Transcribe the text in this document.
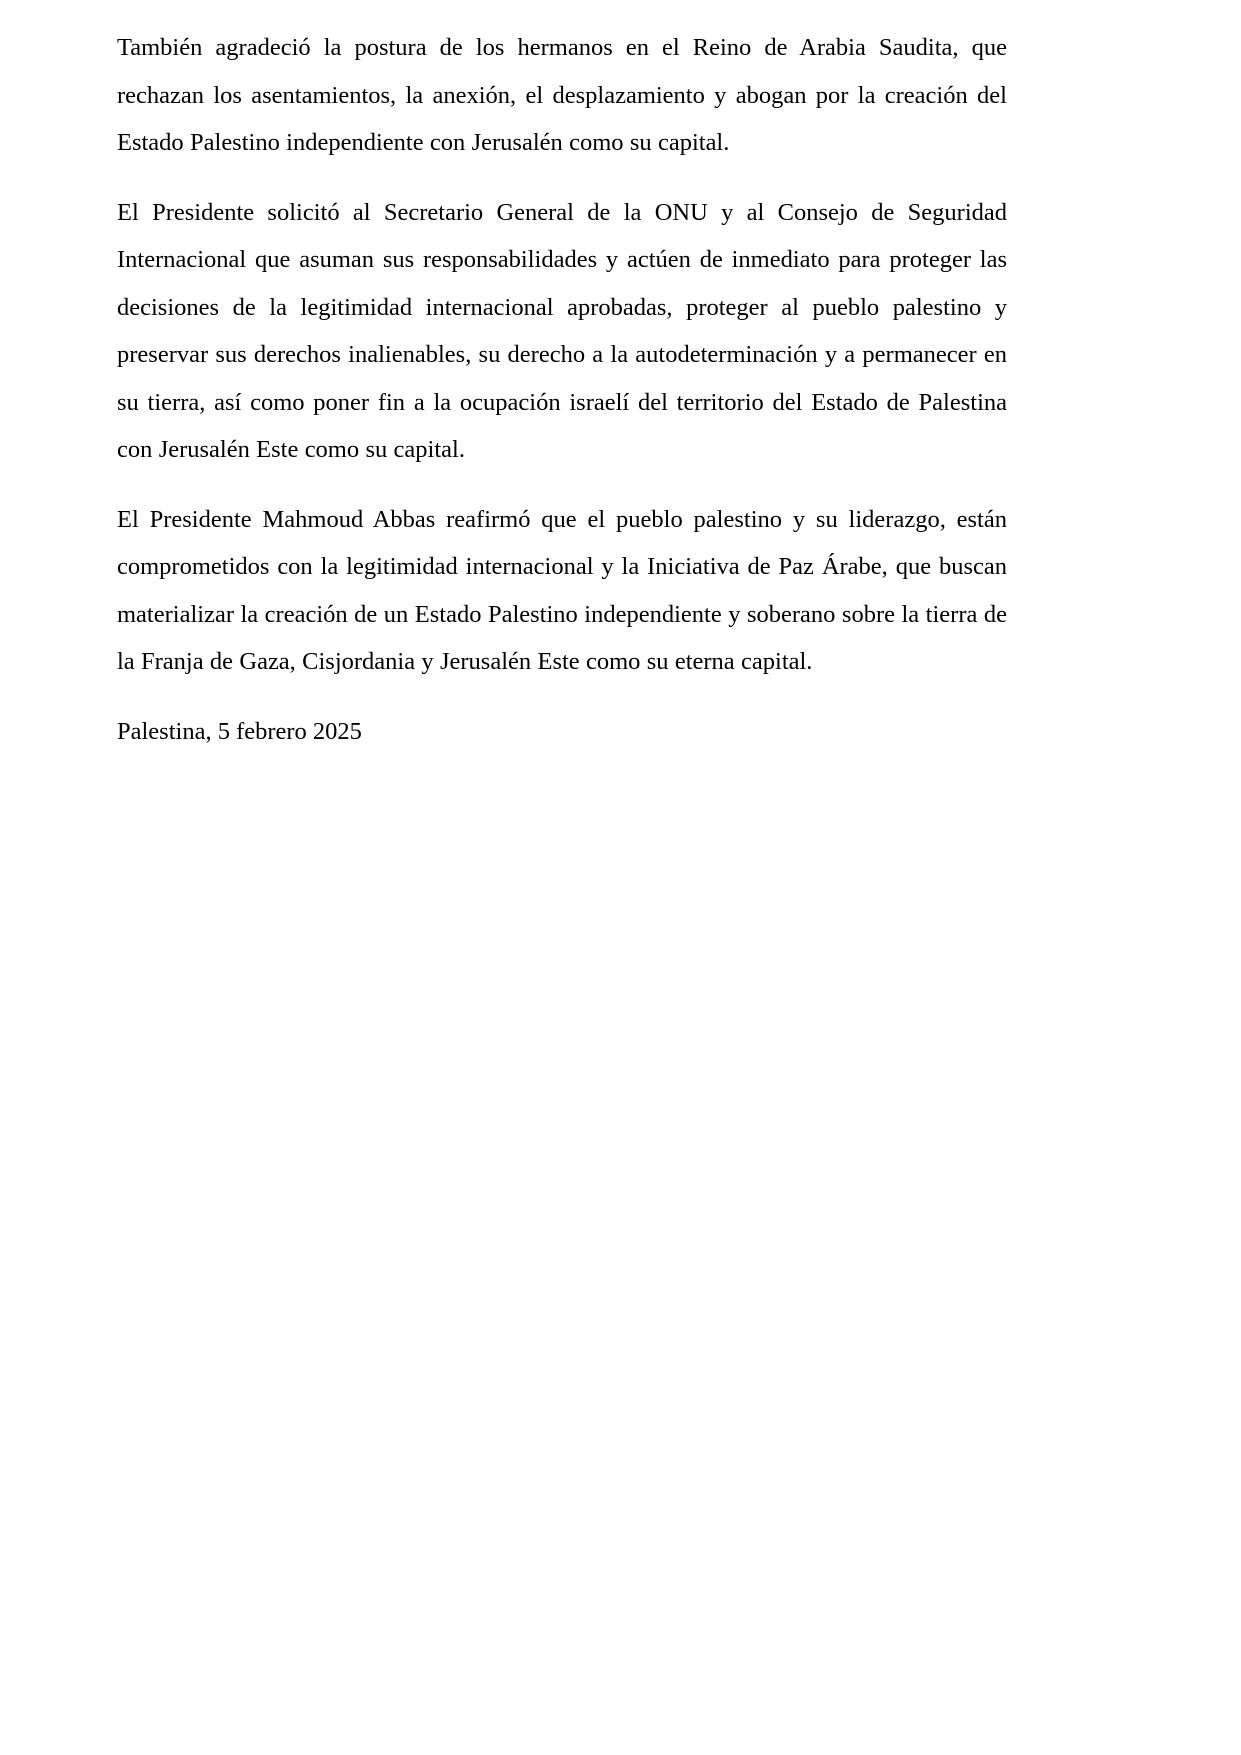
También agradeció la postura de los hermanos en el Reino de Arabia Saudita, que rechazan los asentamientos, la anexión, el desplazamiento y abogan por la creación del Estado Palestino independiente con Jerusalén como su capital.

El Presidente solicitó al Secretario General de la ONU y al Consejo de Seguridad Internacional que asuman sus responsabilidades y actúen de inmediato para proteger las decisiones de la legitimidad internacional aprobadas, proteger al pueblo palestino y preservar sus derechos inalienables, su derecho a la autodeterminación y a permanecer en su tierra, así como poner fin a la ocupación israelí del territorio del Estado de Palestina con Jerusalén Este como su capital.

El Presidente Mahmoud Abbas reafirmó que el pueblo palestino y su liderazgo, están comprometidos con la legitimidad internacional y la Iniciativa de Paz Árabe, que buscan materializar la creación de un Estado Palestino independiente y soberano sobre la tierra de la Franja de Gaza, Cisjordania y Jerusalén Este como su eterna capital.

Palestina, 5 febrero 2025
